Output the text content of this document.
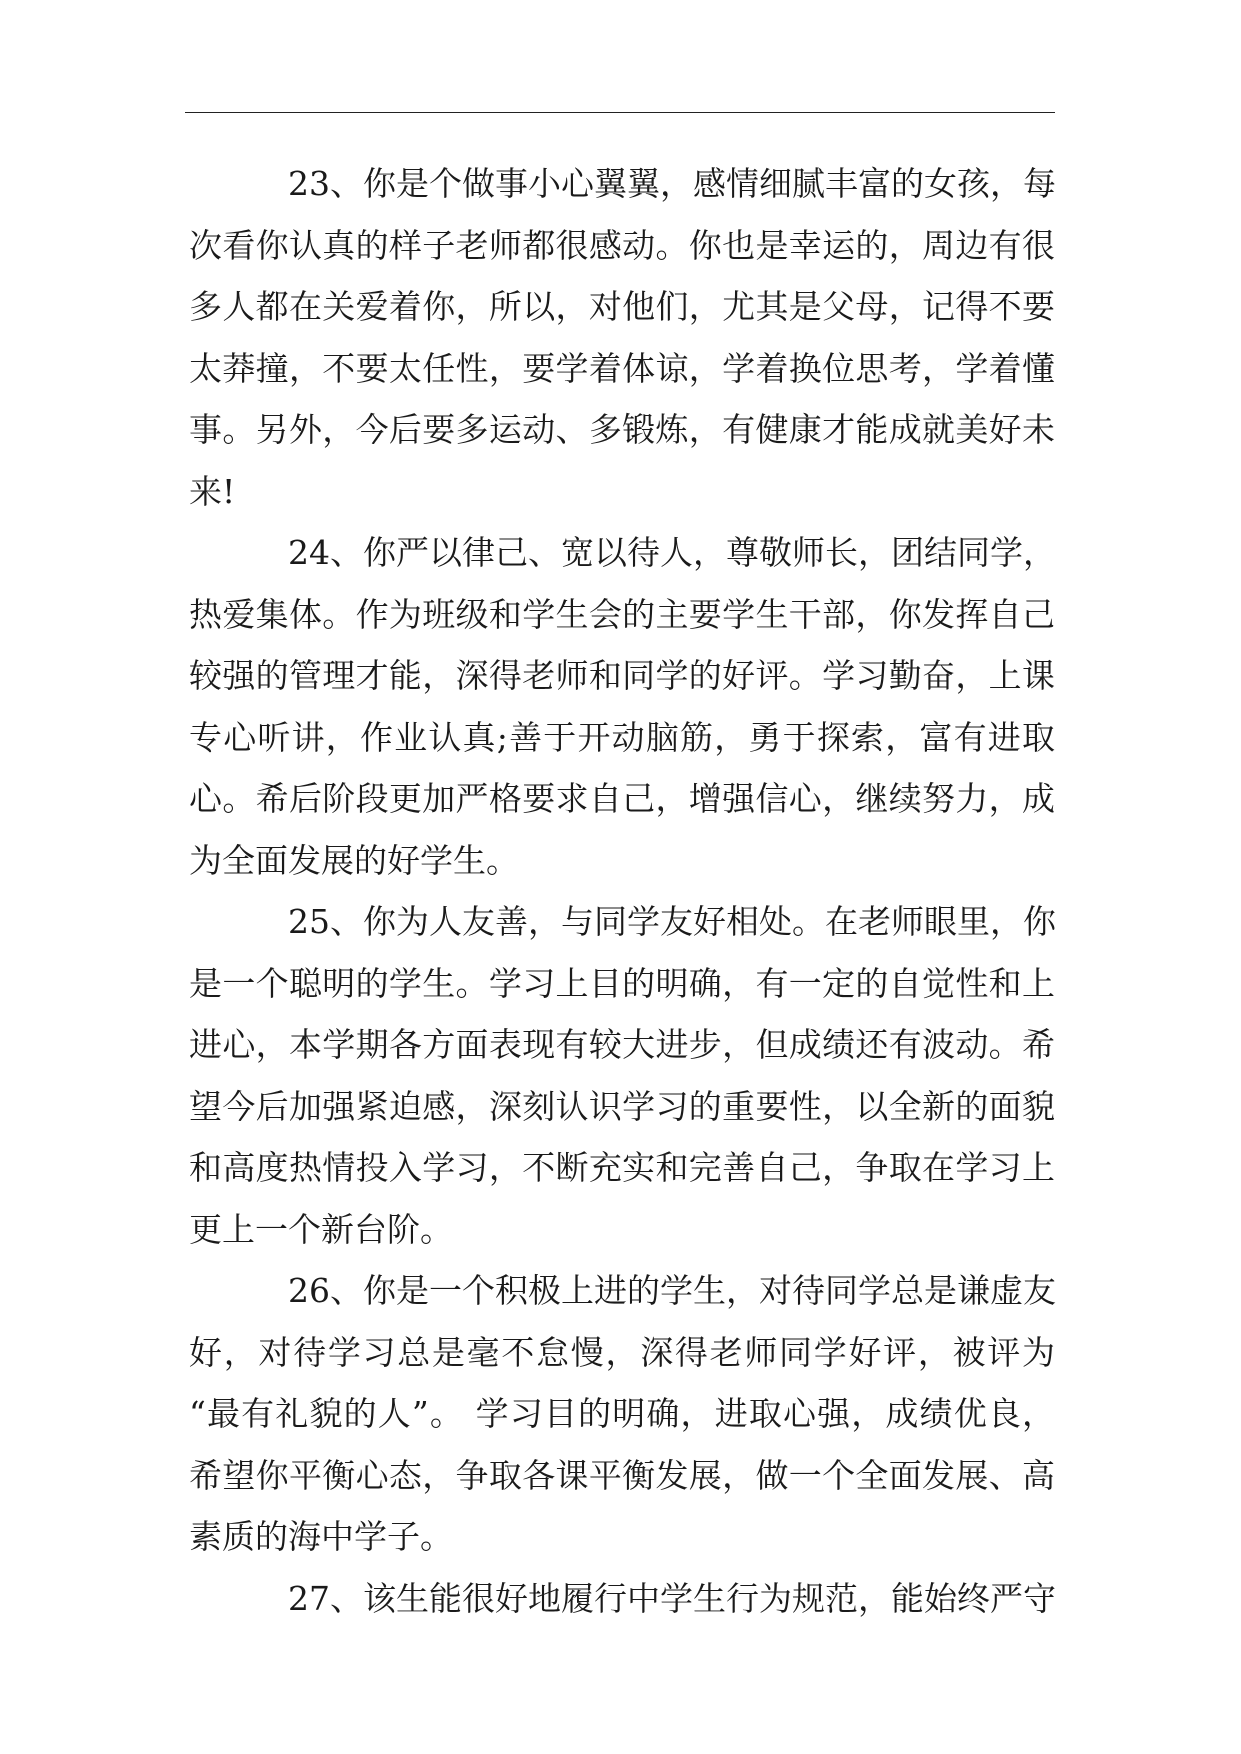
23、你是个做事小心翼翼，感情细腻丰富的女孩，每
次看你认真的样子老师都很感动。你也是幸运的，周边有很
多人都在关爱着你，所以，对他们，尤其是父母，记得不要
太莽撞，不要太任性，要学着体谅，学着换位思考，学着懂
事。另外，今后要多运动、多锻炼，有健康才能成就美好未
来!
24、你严以律己、宽以待人，尊敬师长，团结同学，
热爱集体。作为班级和学生会的主要学生干部，你发挥自己
较强的管理才能，深得老师和同学的好评。学习勤奋，上课
专心听讲，作业认真;善于开动脑筋，勇于探索，富有进取
心。希后阶段更加严格要求自己，增强信心，继续努力，成
为全面发展的好学生。
25、你为人友善，与同学友好相处。在老师眼里，你
是一个聪明的学生。学习上目的明确，有一定的自觉性和上
进心，本学期各方面表现有较大进步，但成绩还有波动。希
望今后加强紧迫感，深刻认识学习的重要性，以全新的面貌
和高度热情投入学习，不断充实和完善自己，争取在学习上
更上一个新台阶。
26、你是一个积极上进的学生，对待同学总是谦虚友
好，对待学习总是毫不怠慢，深得老师同学好评，被评为
“最有礼貌的人”。 学习目的明确，进取心强，成绩优良，
希望你平衡心态，争取各课平衡发展，做一个全面发展、高
素质的海中学子。
27、该生能很好地履行中学生行为规范，能始终严守
